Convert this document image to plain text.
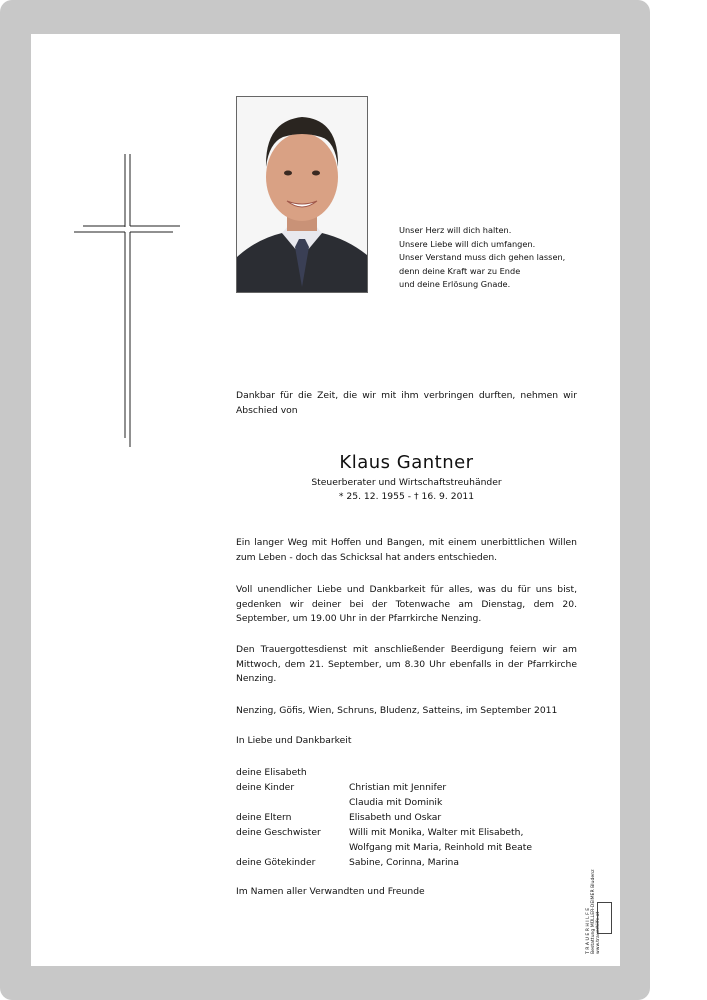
Unser Herz will dich halten.
Unsere Liebe will dich umfangen.
Unser Verstand muss dich gehen lassen,
denn deine Kraft war zu Ende
und deine Erlösung Gnade.
Dankbar für die Zeit, die wir mit ihm verbringen durften, nehmen wir Abschied von
Klaus Gantner
Steuerberater und Wirtschaftstreuhänder
* 25. 12. 1955 - † 16. 9. 2011
Ein langer Weg mit Hoffen und Bangen, mit einem unerbittlichen Willen zum Leben - doch das Schicksal hat anders entschieden.
Voll unendlicher Liebe und Dankbarkeit für alles, was du für uns bist, gedenken wir deiner bei der Totenwache am Dienstag, dem 20. September, um 19.00 Uhr in der Pfarrkirche Nenzing.
Den Trauergottesdienst mit anschließender Beerdigung feiern wir am Mittwoch, dem 21. September, um 8.30 Uhr ebenfalls in der Pfarrkirche Nenzing.
Nenzing, Göfis, Wien, Schruns, Bludenz, Satteins, im September 2011
In Liebe und Dankbarkeit
deine Elisabeth
deine Kinder	Christian mit Jennifer
Claudia mit Dominik
deine Eltern	Elisabeth und Oskar
deine Geschwister	Willi mit Monika, Walter mit Elisabeth,
Wolfgang mit Maria, Reinhold mit Beate
deine Götekinder	Sabine, Corinna, Marina
Im Namen aller Verwandten und Freunde
T R A U E R H I L F E Bestattung MÜLLER-DEIMER Bludenz www.trauerhilfe.at
